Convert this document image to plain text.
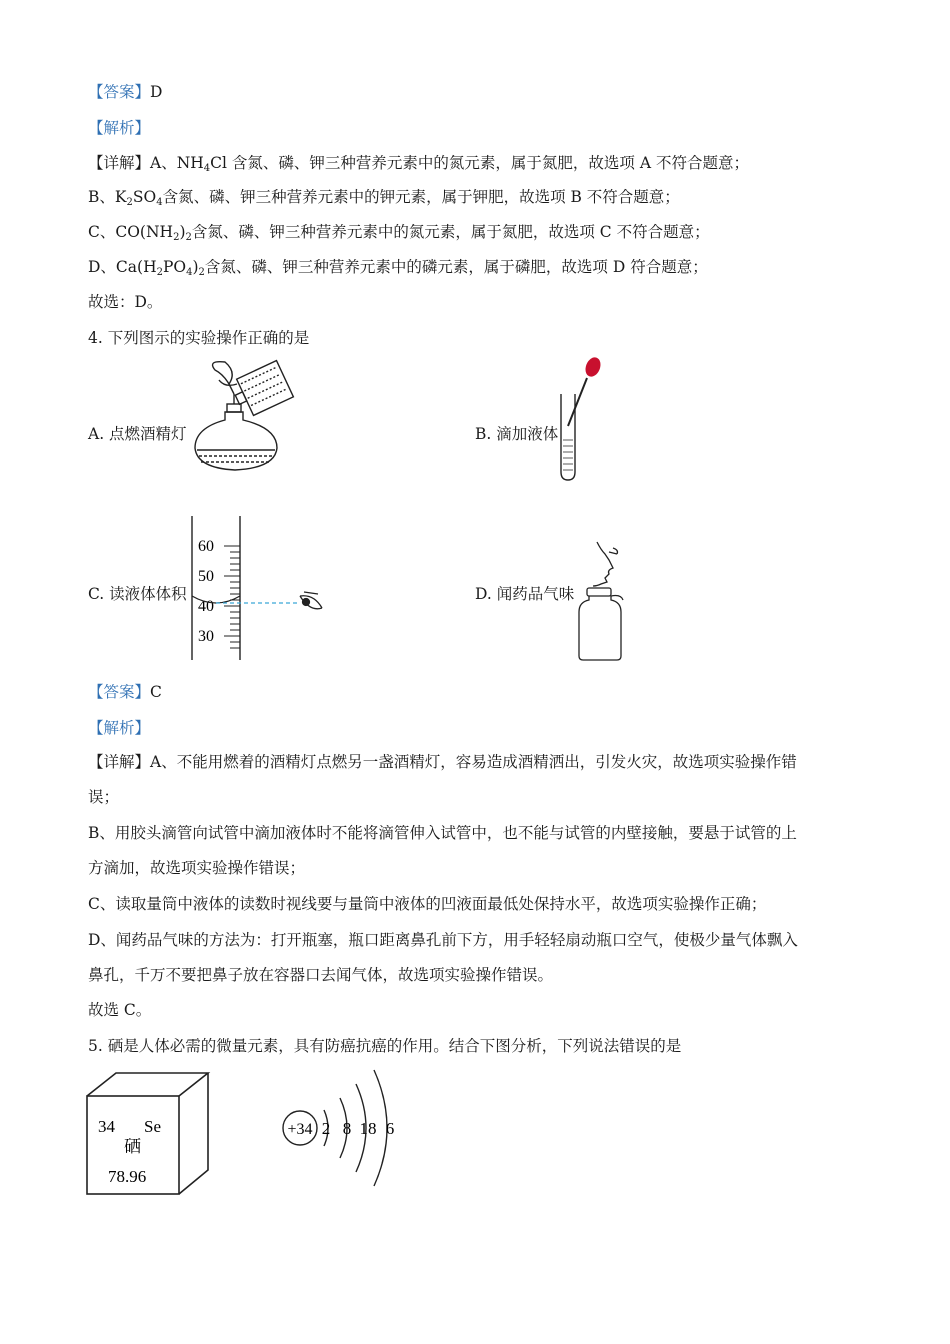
【答案】D
【解析】
【详解】A、$NH_4Cl$ 含氮、磷、钾三种营养元素中的氮元素，属于氮肥，故选项 A 不符合题意；
B、$K_2SO_4$含氮、磷、钾三种营养元素中的钾元素，属于钾肥，故选项 B 不符合题意；
C、$CO(NH_2)_2$含氮、磷、钾三种营养元素中的氮元素，属于氮肥，故选项 C 不符合题意；
D、$Ca(H_2PO_4)_2$含氮、磷、钾三种营养元素中的磷元素，属于磷肥，故选项 D 符合题意；
故选：D。
4. 下列图示的实验操作正确的是
A. 点燃酒精灯	B. 滴加液体
C. 读液体体积
60
50
40
30
D. 闻药品气味
【答案】C
【解析】
【详解】A、不能用燃着的酒精灯点燃另一盏酒精灯，容易造成酒精洒出，引发火灾，故选项实验操作错
误；
B、用胶头滴管向试管中滴加液体时不能将滴管伸入试管中，也不能与试管的内壁接触，要悬于试管的上
方滴加，故选项实验操作错误；
C、读取量筒中液体的读数时视线要与量筒中液体的凹液面最低处保持水平，故选项实验操作正确；
D、闻药品气味的方法为：打开瓶塞，瓶口距离鼻孔前下方，用手轻轻扇动瓶口空气，使极少量气体飘入
鼻孔，千万不要把鼻子放在容器口去闻气体，故选项实验操作错误。
故选 C。
5. 硒是人体必需的微量元素，具有防癌抗癌的作用。结合下图分析，下列说法错误的是
34 Se
硒
78.96
+34 2 8 18 6
